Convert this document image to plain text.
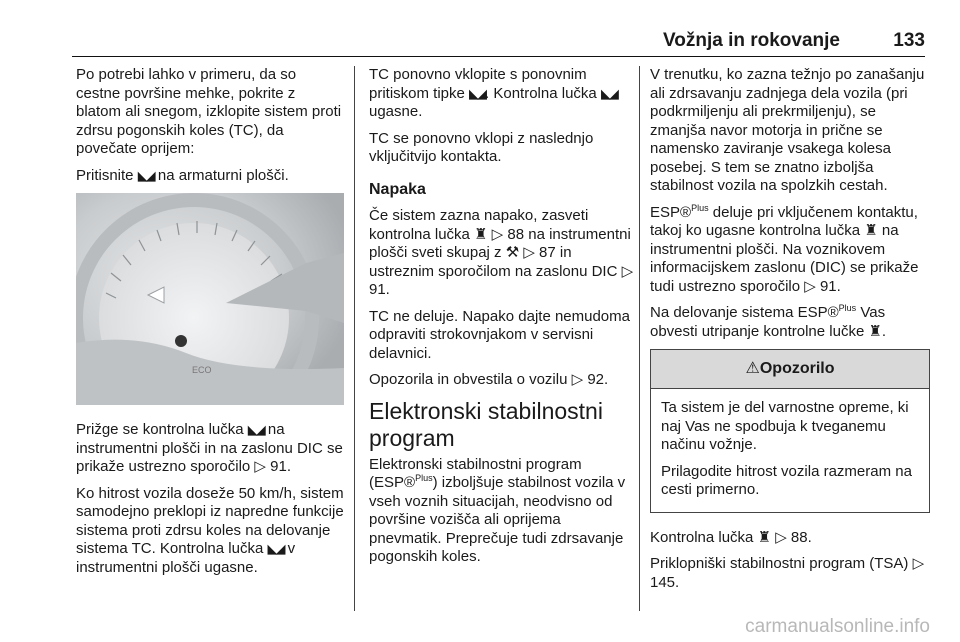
Vožnja in rokovanje	133

Po potrebi lahko v primeru, da so cestne površine mehke, pokrite z blatom ali snegom, izklopite sistem proti zdrsu pogonskih koles (TC), da povečate oprijem:

Pritisnite ◣◢ na armaturni plošči.

ECO

Prižge se kontrolna lučka ◣◢ na instrumentni plošči in na zaslonu DIC se prikaže ustrezno sporočilo ▷ 91.

Ko hitrost vozila doseže 50 km/h, sistem samodejno preklopi iz napredne funkcije sistema proti zdrsu koles na delovanje sistema TC. Kontrolna lučka ◣◢ v instrumentni plošči ugasne.

TC ponovno vklopite s ponovnim pritiskom tipke ◣◢. Kontrolna lučka ◣◢ ugasne.

TC se ponovno vklopi z naslednjo vključitvijo kontakta.

Napaka

Če sistem zazna napako, zasveti kontrolna lučka ♜ ▷ 88 na instrumentni plošči sveti skupaj z ⚒ ▷ 87 in ustreznim sporočilom na zaslonu DIC ▷ 91.

TC ne deluje. Napako dajte nemudoma odpraviti strokovnjakom v servisni delavnici.

Opozorila in obvestila o vozilu ▷ 92.

Elektronski stabilnostni program

Elektronski stabilnostni program (ESP®$^{Plus}$) izboljšuje stabilnost vozila v vseh voznih situacijah, neodvisno od površine vozišča ali oprijema pnevmatik. Preprečuje tudi zdrsavanje pogonskih koles.

V trenutku, ko zazna težnjo po zanašanju ali zdrsavanju zadnjega dela vozila (pri podkrmiljenju ali prekrmiljenju), se zmanjša navor motorja in prične se namensko zaviranje vsakega kolesa posebej. S tem se znatno izboljša stabilnost vozila na spolzkih cestah.

ESP®$^{Plus}$ deluje pri vključenem kontaktu, takoj ko ugasne kontrolna lučka ♜ na instrumentni plošči. Na voznikovem informacijskem zaslonu (DIC) se prikaže tudi ustrezno sporočilo ▷ 91.

Na delovanje sistema ESP®$^{Plus}$ Vas obvesti utripanje kontrolne lučke ♜.

⚠Opozorilo

Ta sistem je del varnostne opreme, ki naj Vas ne spodbuja k tveganemu načinu vožnje.

Prilagodite hitrost vozila razmeram na cesti primerno.

Kontrolna lučka ♜ ▷ 88.

Priklopniški stabilnostni program (TSA) ▷ 145.

carmanualsonline.info
